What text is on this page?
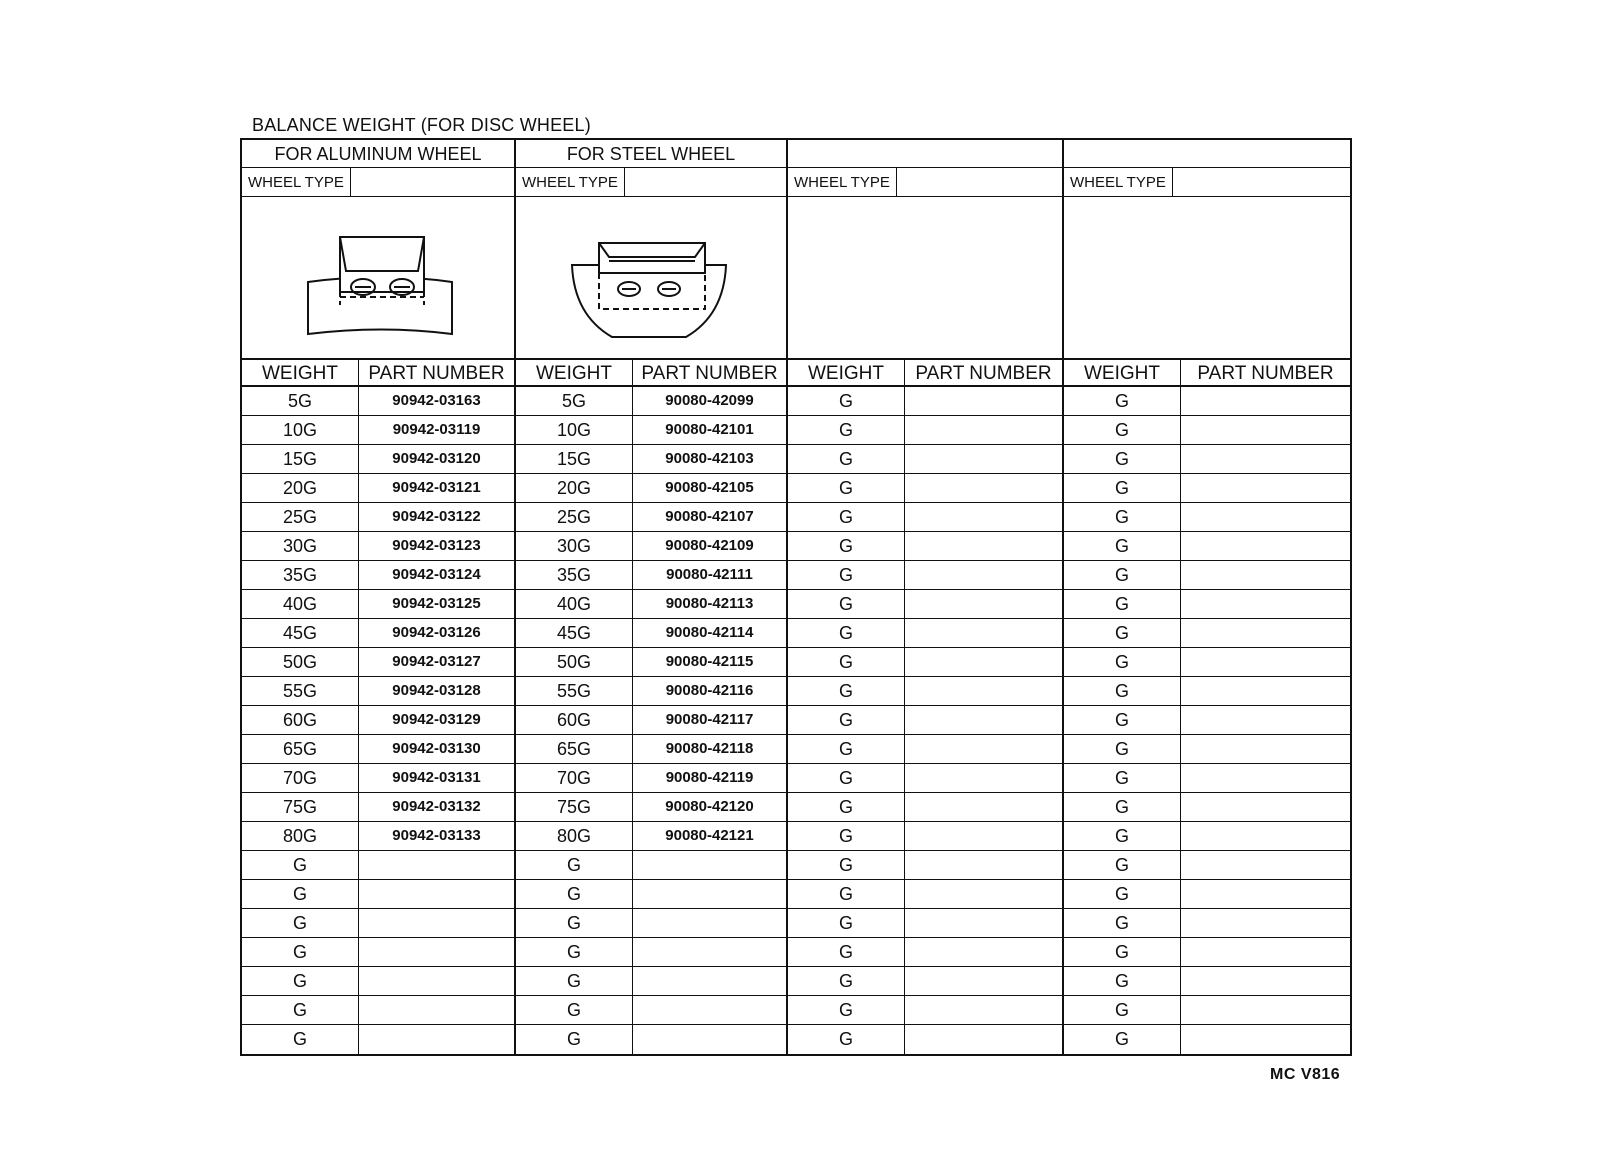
BALANCE WEIGHT (FOR DISC WHEEL)
FOR ALUMINUM WHEEL
WHEEL TYPE
WEIGHT	PART NUMBER
5G	90942-03163
10G	90942-03119
15G	90942-03120
20G	90942-03121
25G	90942-03122
30G	90942-03123
35G	90942-03124
40G	90942-03125
45G	90942-03126
50G	90942-03127
55G	90942-03128
60G	90942-03129
65G	90942-03130
70G	90942-03131
75G	90942-03132
80G	90942-03133
G
G
G
G
G
G
G
FOR STEEL WHEEL
WHEEL TYPE
WEIGHT	PART NUMBER
5G	90080-42099
10G	90080-42101
15G	90080-42103
20G	90080-42105
25G	90080-42107
30G	90080-42109
35G	90080-42111
40G	90080-42113
45G	90080-42114
50G	90080-42115
55G	90080-42116
60G	90080-42117
65G	90080-42118
70G	90080-42119
75G	90080-42120
80G	90080-42121
G
G
G
G
G
G
G
WHEEL TYPE
WEIGHT	PART NUMBER
G
G
G
G
G
G
G
G
G
G
G
G
G
G
G
G
G
G
G
G
G
G
G
WHEEL TYPE
WEIGHT	PART NUMBER
G
G
G
G
G
G
G
G
G
G
G
G
G
G
G
G
G
G
G
G
G
G
G
MC V816
